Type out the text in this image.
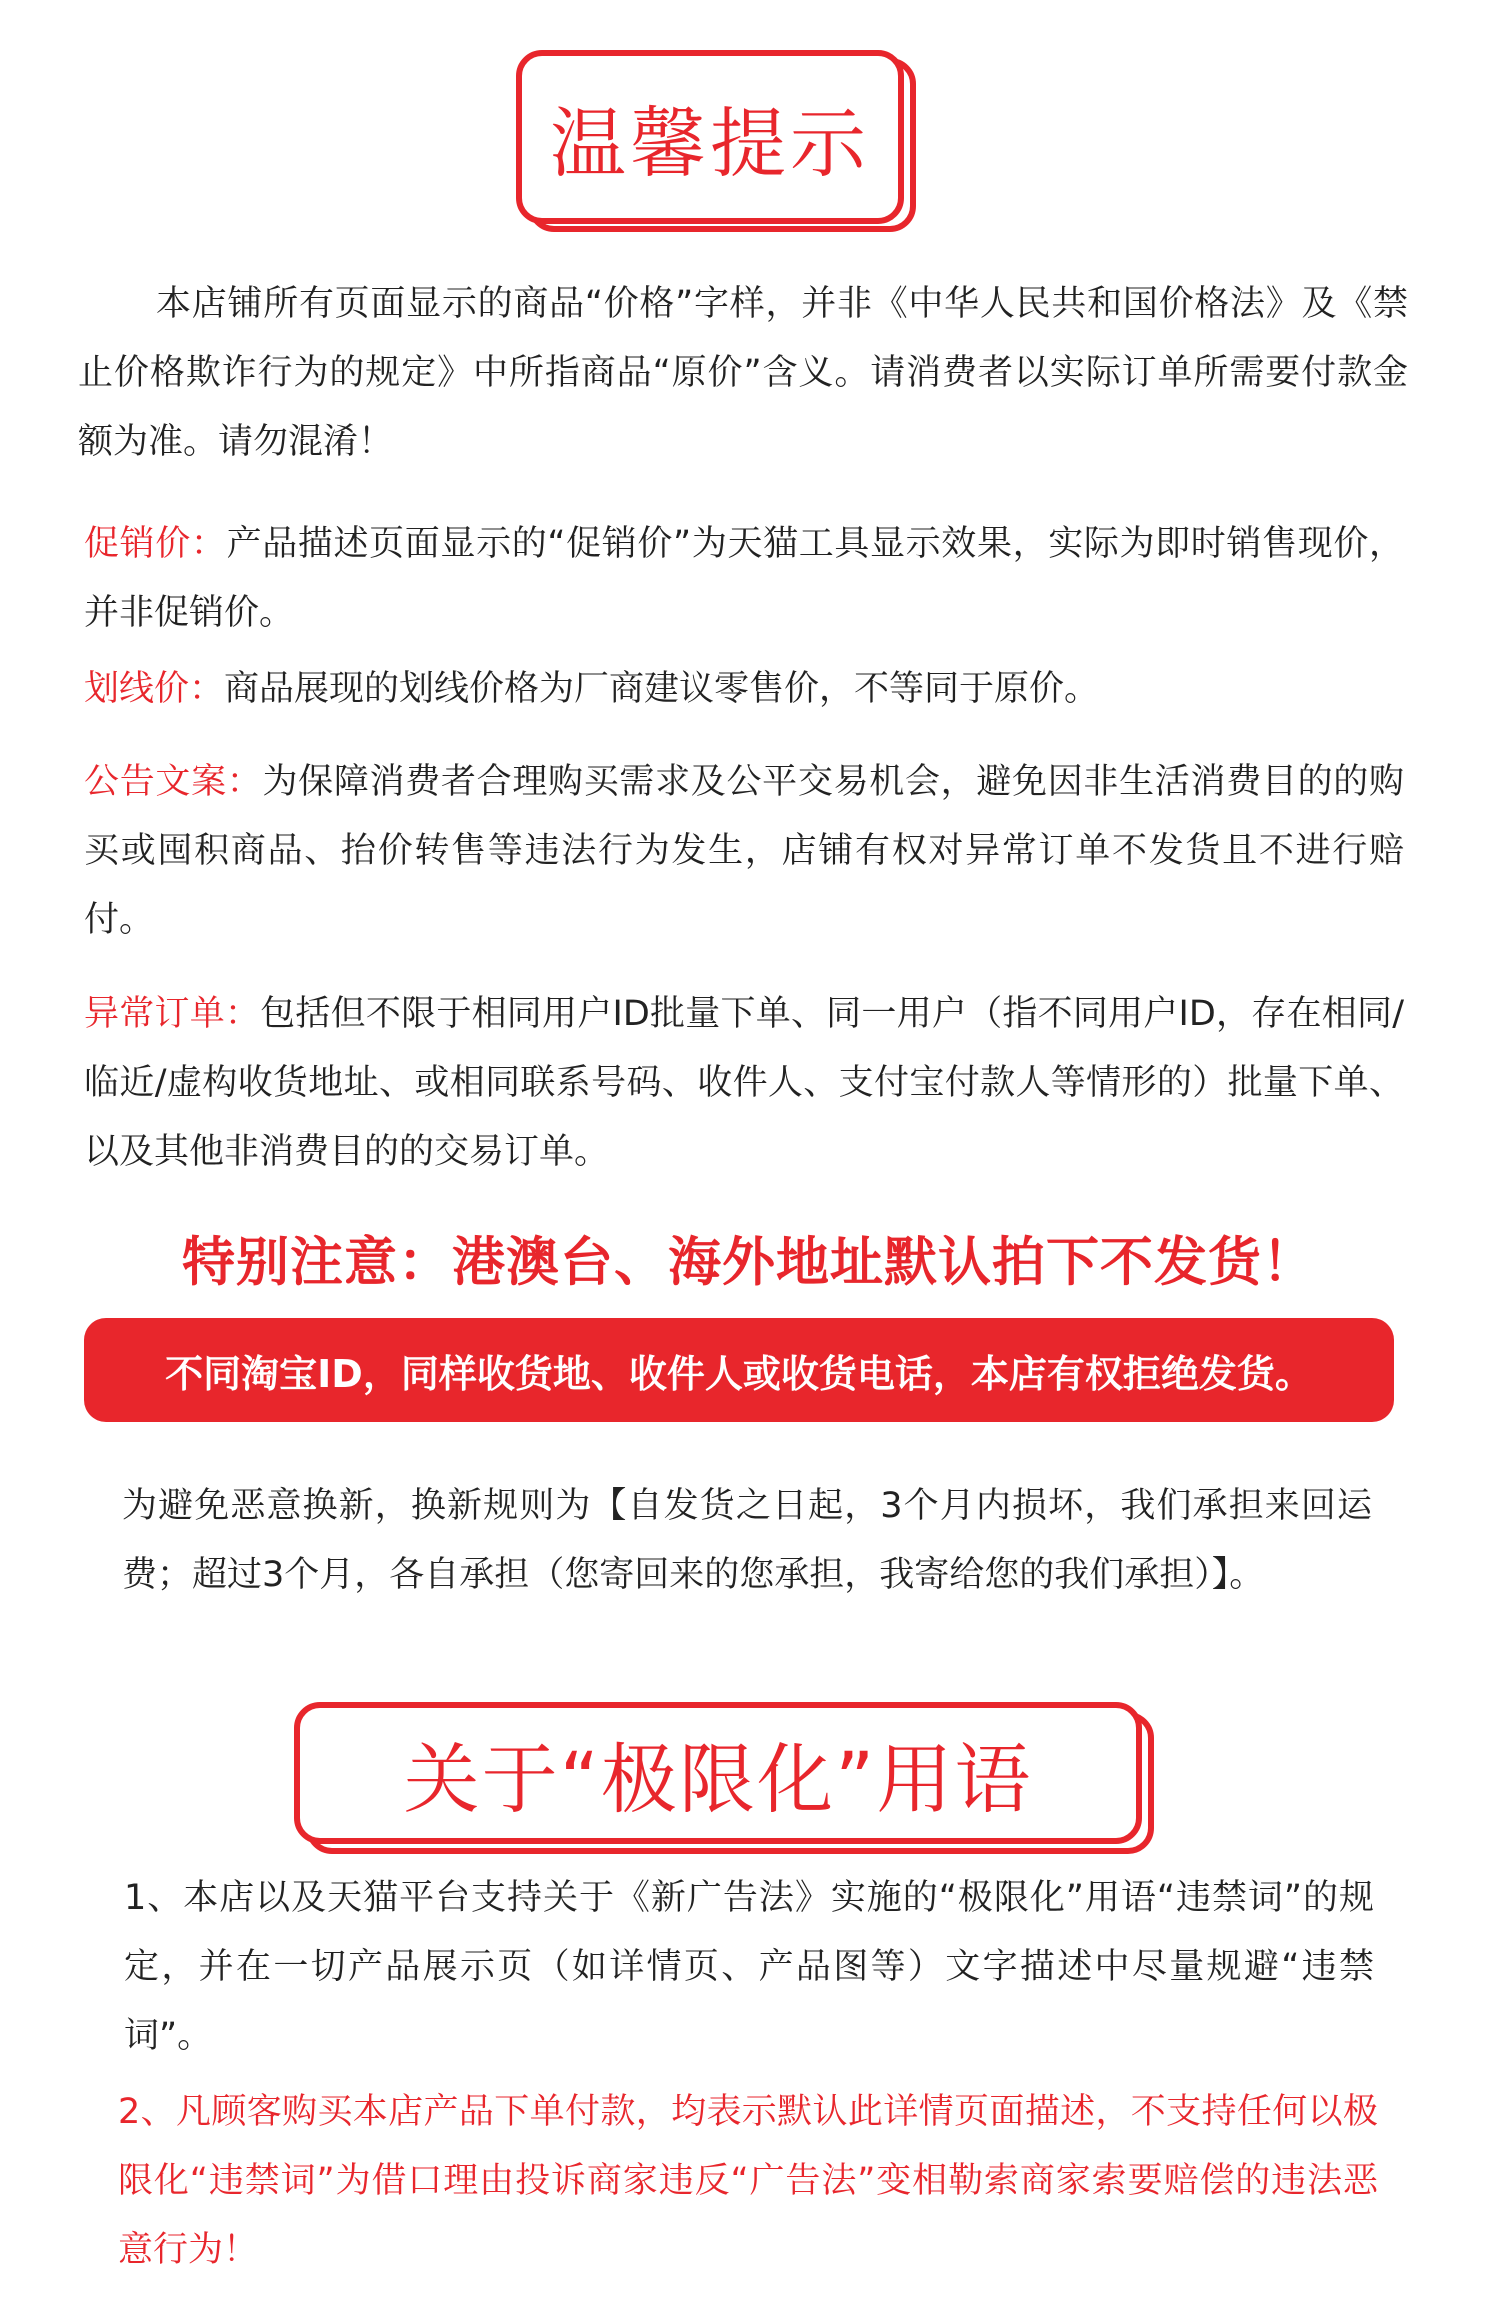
温馨提示
本店铺所有页面显示的商品“价格”字样，并非《中华人民共和国价格法》及《禁止价格欺诈行为的规定》中所指商品“原价”含义。请消费者以实际订单所需要付款金额为准。请勿混淆！
促销价：产品描述页面显示的“促销价”为天猫工具显示效果，实际为即时销售现价，并非促销价。
划线价：商品展现的划线价格为厂商建议零售价，不等同于原价。
公告文案：为保障消费者合理购买需求及公平交易机会，避免因非生活消费目的的购买或囤积商品、抬价转售等违法行为发生，店铺有权对异常订单不发货且不进行赔付。
异常订单：包括但不限于相同用户ID批量下单、同一用户（指不同用户ID，存在相同/临近/虚构收货地址、或相同联系号码、收件人、支付宝付款人等情形的）批量下单、以及其他非消费目的的交易订单。
特别注意：港澳台、海外地址默认拍下不发货！
不同淘宝ID，同样收货地、收件人或收货电话，本店有权拒绝发货。
为避免恶意换新，换新规则为【自发货之日起，3个月内损坏，我们承担来回运费；超过3个月，各自承担（您寄回来的您承担，我寄给您的我们承担）】。
关于“极限化”用语
1、本店以及天猫平台支持关于《新广告法》实施的“极限化”用语“违禁词”的规定，并在一切产品展示页（如详情页、产品图等）文字描述中尽量规避“违禁词”。
2、凡顾客购买本店产品下单付款，均表示默认此详情页面描述，不支持任何以极限化“违禁词”为借口理由投诉商家违反“广告法”变相勒索商家索要赔偿的违法恶意行为！
